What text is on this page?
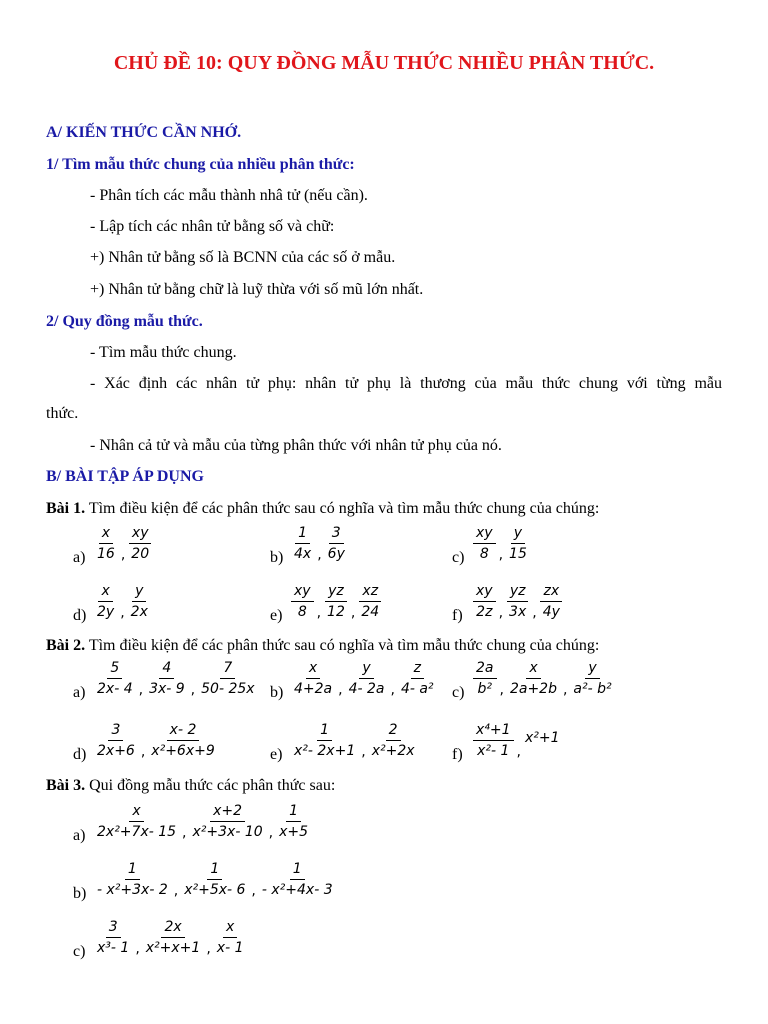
CHỦ ĐỀ 10: QUY ĐỒNG MẪU THỨC NHIỀU PHÂN THỨC.
A/ KIẾN THỨC CẦN NHỚ.
1/ Tìm mẫu thức chung của nhiều phân thức:
- Phân tích các mẫu thành nhâ tử (nếu cần).
- Lập tích các nhân tử bằng số và chữ:
+) Nhân tử bằng số là BCNN của các số ở mẫu.
+) Nhân tử bằng chữ là luỹ thừa với số mũ lớn nhất.
2/ Quy đồng mẫu thức.
- Tìm mẫu thức chung.
- Xác định các nhân tử phụ: nhân tử phụ là thương của mẫu thức chung với từng mẫu
thức.
- Nhân cả tử và mẫu của từng phân thức với nhân tử phụ của nó.
B/ BÀI TẬP ÁP DỤNG
Bài 1. Tìm điều kiện để các phân thức sau có nghĩa và tìm mẫu thức chung của chúng:
$a) \frac{x}{16}$ , $\frac{xy}{20}$	$b) \frac{1}{4x}$ , $\frac{3}{6y}$	$c) \frac{xy}{8}$ , $\frac{y}{15}$
$d) \frac{x}{2y}$ , $\frac{y}{2x}$	$e) \frac{xy}{8}$ , $\frac{yz}{12}$ , $\frac{xz}{24}$	$f) \frac{xy}{2z}$ , $\frac{yz}{3x}$ , $\frac{zx}{4y}$
Bài 2. Tìm điều kiện để các phân thức sau có nghĩa và tìm mẫu thức chung của chúng:
$a) \frac{5}{2x- 4}$ , $\frac{4}{3x- 9}$ , $\frac{7}{50- 25x} b) \frac{x}{4+2a}$ , $\frac{y}{4- 2a}$ , $\frac{z}{\text{4- a²}} c) \frac{2a}{\text{b²}}$ , $\frac{x}{2a+2b}$ , $\frac{y}{\text{a²- b²}}$
$d) \frac{3}{2x+6}$ , $\frac{x- 2}{\text{x²+6x+9}}$	$e) \frac{1}{\text{x²- 2x+1}}$ , $\frac{2}{\text{x²+2x}} f) \frac{\text{x⁴+1}}{\text{x²- 1}}$ ,
x²+1
Bài 3. Qui đồng mẫu thức các phân thức sau:
$a) \frac{x}{\text{2x²+7x- 15}}$ , $\frac{x+2}{\text{x²+3x- 10}}$ , $\frac{1}{x+5}$
$b) \frac{1}{\text{- x²+3x- 2}}$ , $\frac{1}{\text{x²+5x- 6}}$ , $\frac{1}{\text{- x²+4x- 3}}$
$c) \frac{3}{\text{x³- 1}}$ , $\frac{2x}{\text{x²+x+1}}$ , $\frac{x}{x- 1}$
